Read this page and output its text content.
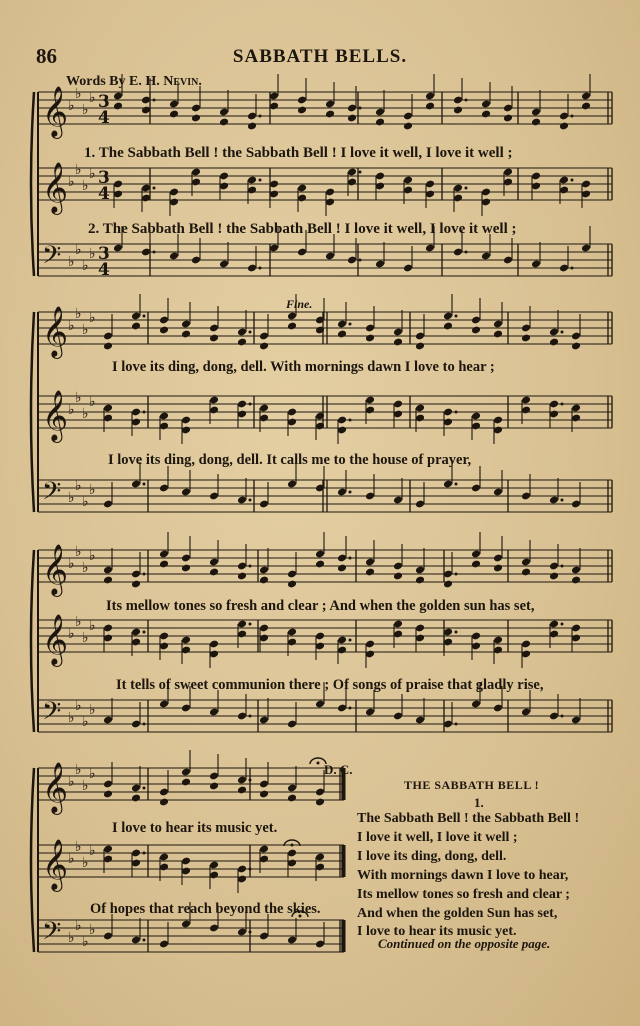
86	SABBATH BELLS.
Words By E. H. Nevin.
𝄞 ♭
♭
♭
♭ 3
4
𝄞 ♭
♭
♭
♭ 3
4
𝄢 ♭
♭
♭
♭ 3
4
𝄞 ♭
♭
♭
♭
𝄞 ♭
♭
♭
♭
𝄢 ♭
♭
♭
♭
𝄞 ♭
♭
♭
♭
𝄞 ♭
♭
♭
♭
𝄢 ♭
♭
♭
♭
𝄞 ♭
♭
♭
♭
𝄞 ♭
♭
♭
♭
𝄢 ♭
♭
♭
♭
1. The Sabbath Bell ! the Sabbath Bell ! I love it well, I love it well ;
2. The Sabbath Bell ! the Sabbath Bell ! I love it well, I love it well ;
I love its ding, dong, dell. With mornings dawn I love to hear ;
I love its ding, dong, dell. It calls me to the house of prayer,
Its mellow tones so fresh and clear ; And when the golden sun has set,
It tells of sweet communion there ; Of songs of praise that gladly rise,
I love to hear its music yet.
Of hopes that reach beyond the skies.
Fine.
D. C.
THE SABBATH BELL !
1.
The Sabbath Bell ! the Sabbath Bell !
I love it well, I love it well ;
I love its ding, dong, dell.
With mornings dawn I love to hear,
Its mellow tones so fresh and clear ;
And when the golden Sun has set,
I love to hear its music yet.
Continued on the opposite page.
